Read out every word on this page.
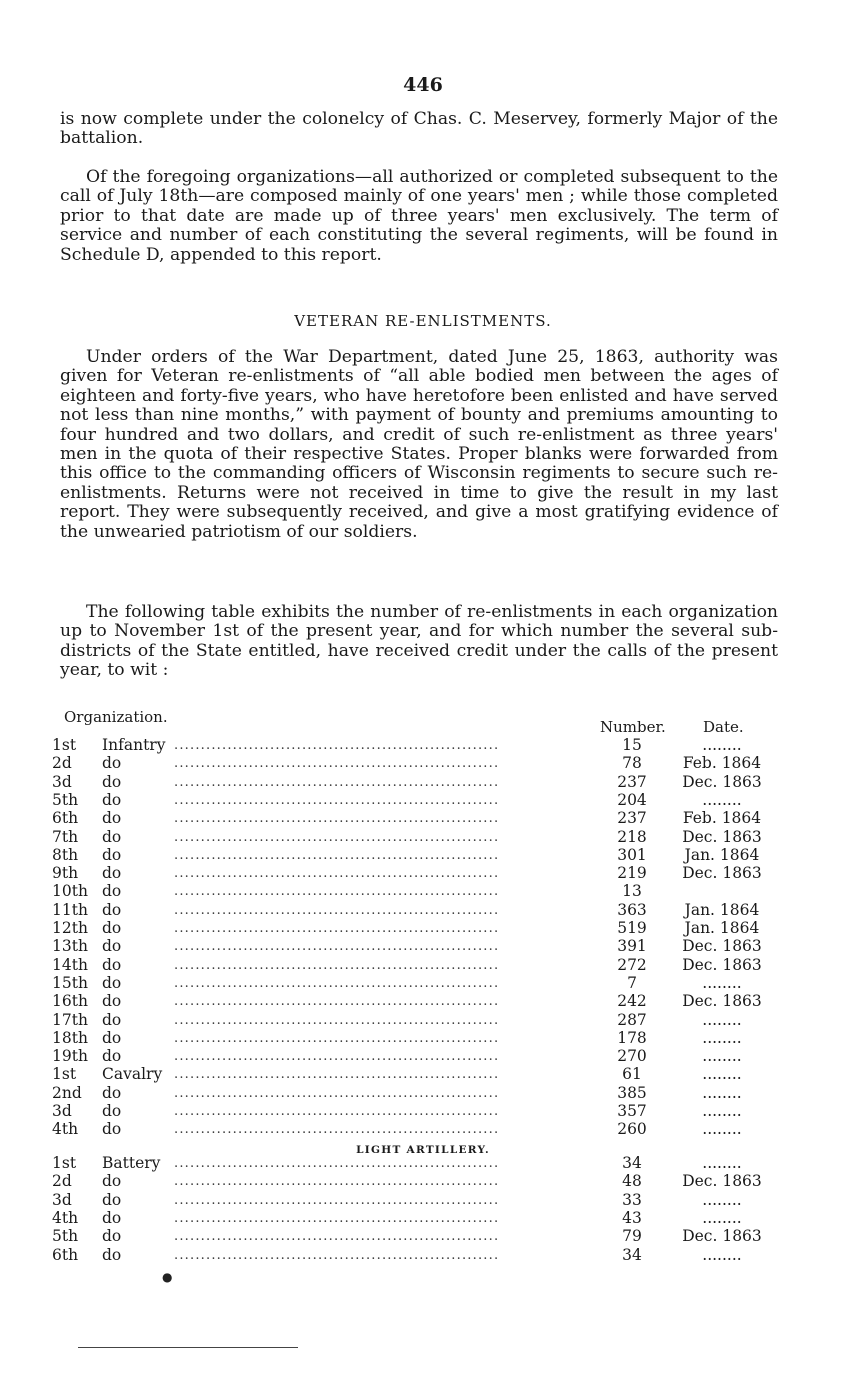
446
is now complete under the colonelcy of Chas. C. Meservey, formerly Major of the battalion.
Of the foregoing organizations—all authorized or completed subsequent to the call of July 18th—are composed mainly of one years' men ; while those completed prior to that date are made up of three years' men exclusively. The term of service and number of each constituting the several regiments, will be found in Schedule D, appended to this report.
VETERAN RE-ENLISTMENTS.
Under orders of the War Department, dated June 25, 1863, authority was given for Veteran re-enlistments of “all able bodied men between the ages of eighteen and forty-five years, who have heretofore been enlisted and have served not less than nine months,” with payment of bounty and premiums amounting to four hundred and two dollars, and credit of such re-enlistment as three years' men in the quota of their respective States. Proper blanks were forwarded from this office to the commanding officers of Wisconsin regiments to secure such re-enlistments. Returns were not received in time to give the result in my last report. They were subsequently received, and give a most gratifying evidence of the unwearied patriotism of our soldiers.
The following table exhibits the number of re-enlistments in each organization up to November 1st of the present year, and for which number the several sub-districts of the State entitled, have received credit under the calls of the present year, to wit :
Organization.
Number. Date.
1st	Infantry .............................................................	15	........
2d	do	.............................................................	78	Feb. 1864
3d	do	.............................................................	237	Dec. 1863
5th	do	.............................................................	204	........
6th	do	.............................................................	237	Feb. 1864
7th	do	.............................................................	218	Dec. 1863
8th	do	.............................................................	301	Jan. 1864
9th	do	.............................................................	219	Dec. 1863
10th do	.............................................................	13
11th do	.............................................................	363	Jan. 1864
12th do	.............................................................	519	Jan. 1864
13th do	.............................................................	391	Dec. 1863
14th do	.............................................................	272	Dec. 1863
15th do	.............................................................	7	........
16th do	.............................................................	242	Dec. 1863
17th do	.............................................................	287	........
18th do	.............................................................	178	........
19th do	.............................................................	270	........
1st	Cavalry .............................................................	61	........
2nd	do	.............................................................	385	........
3d	do	.............................................................	357	........
4th	do	.............................................................	260	........
LIGHT ARTILLERY.
1st	Battery	.............................................................	34	........
2d	do	.............................................................	48	Dec. 1863
3d	do	.............................................................	33	........
4th	do	.............................................................	43	........
5th	do	.............................................................	79	Dec. 1863
6th	do	.............................................................	34	........
●
